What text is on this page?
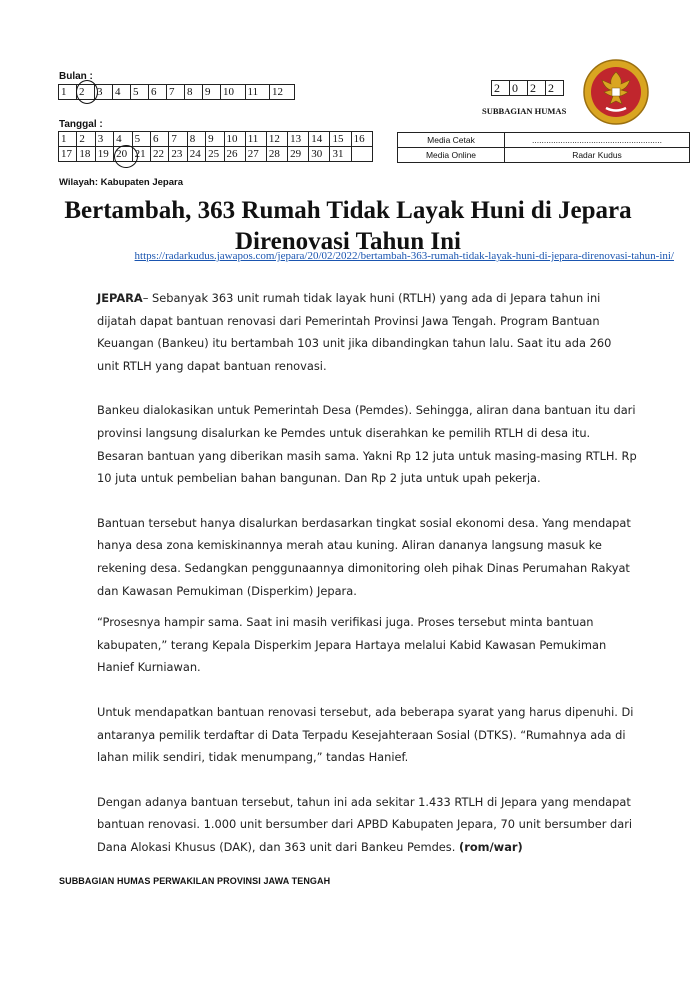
Bulan :
1	2	3	4	5	6	7	8	9	10	11	12
Tanggal :
1	2	3	4	5	6	7	8	9	10	11	12	13	14	15	16
17	18	19	20	21	22	23	24	25	26	27	28	29	30	31	
Wilayah: Kabupaten Jepara
2	0	2	2
SUBBAGIAN HUMAS
Media Cetak	.......................................................
Media Online	Radar Kudus
Bertambah, 363 Rumah Tidak Layak Huni di Jepara
Direnovasi Tahun Ini
https://radarkudus.jawapos.com/jepara/20/02/2022/bertambah-363-rumah-tidak-layak-huni-di-jepara-direnovasi-tahun-ini/

JEPARA– Sebanyak 363 unit rumah tidak layak huni (RTLH) yang ada di Jepara tahun ini dijatah dapat bantuan renovasi dari Pemerintah Provinsi Jawa Tengah. Program Bantuan Keuangan (Bankeu) itu bertambah 103 unit jika dibandingkan tahun lalu. Saat itu ada 260 unit RTLH yang dapat bantuan renovasi.

Bankeu dialokasikan untuk Pemerintah Desa (Pemdes). Sehingga, aliran dana bantuan itu dari provinsi langsung disalurkan ke Pemdes untuk diserahkan ke pemilih RTLH di desa itu. Besaran bantuan yang diberikan masih sama. Yakni Rp 12 juta untuk masing-masing RTLH. Rp 10 juta untuk pembelian bahan bangunan. Dan Rp 2 juta untuk upah pekerja.

Bantuan tersebut hanya disalurkan berdasarkan tingkat sosial ekonomi desa. Yang mendapat hanya desa zona kemiskinannya merah atau kuning. Aliran dananya langsung masuk ke rekening desa. Sedangkan penggunaannya dimonitoring oleh pihak Dinas Perumahan Rakyat dan Kawasan Pemukiman (Disperkim) Jepara.

“Prosesnya hampir sama. Saat ini masih verifikasi juga. Proses tersebut minta bantuan kabupaten,” terang Kepala Disperkim Jepara Hartaya melalui Kabid Kawasan Pemukiman Hanief Kurniawan.

Untuk mendapatkan bantuan renovasi tersebut, ada beberapa syarat yang harus dipenuhi. Di antaranya pemilik terdaftar di Data Terpadu Kesejahteraan Sosial (DTKS). “Rumahnya ada di lahan milik sendiri, tidak menumpang,” tandas Hanief.

Dengan adanya bantuan tersebut, tahun ini ada sekitar 1.433 RTLH di Jepara yang mendapat bantuan renovasi. 1.000 unit bersumber dari APBD Kabupaten Jepara, 70 unit bersumber dari Dana Alokasi Khusus (DAK), dan 363 unit dari Bankeu Pemdes. (rom/war)

SUBBAGIAN HUMAS PERWAKILAN PROVINSI JAWA TENGAH
